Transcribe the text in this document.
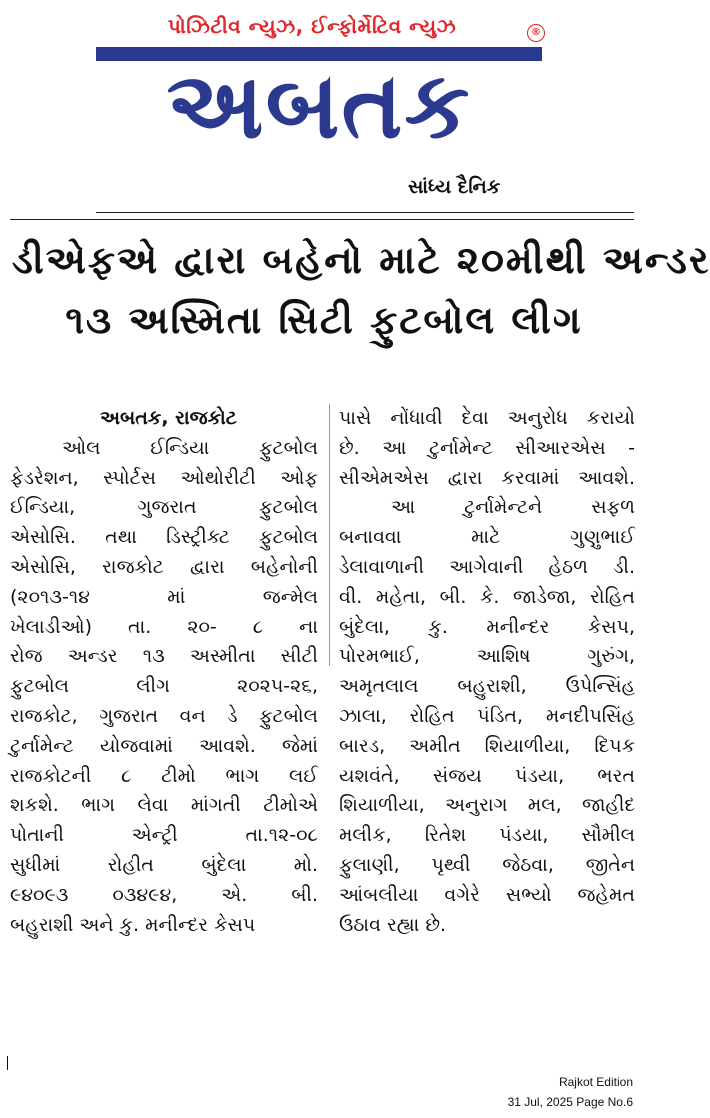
પોઝિટીવ ન્યુઝ, ઈન્ફોર્મેટિવ ન્યુઝ	®
અબતક
સાંધ્ય દૈનિક
ડીએફએ દ્વારા બહેનો માટે ૨૦મીથી અન્ડર
૧૩ અસ્મિતા સિટી ફુટબોલ લીગ
અબતક, રાજકોટ
ઓલ ઈન્ડિયા ફુટબોલ
ફેડરેશન, સ્પોર્ટસ ઓથોરીટી ઓફ
ઈન્ડિયા, ગુજરાત ફુટબોલ
એસોસિ. તથા ડિસ્ટ્રીક્ટ ફુટબોલ
એસોસિ, રાજકોટ દ્વારા બહેનોની
(૨૦૧૩-૧૪ માં જન્મેલ
ખેલાડીઓ) તા. ૨૦- ૮ ના
રોજ અન્ડર ૧૩ અસ્મીતા સીટી
ફુટબોલ લીગ ૨૦૨૫-૨૬,
રાજકોટ, ગુજરાત વન ડે ફુટબોલ
ટુર્નામેન્ટ યોજવામાં આવશે. જેમાં
રાજકોટની ૮ ટીમો ભાગ લઈ
શકશે. ભાગ લેવા માંગતી ટીમોએ
પોતાની એન્ટ્રી તા.૧૨-૦૮
સુધીમાં રોહીત બુંદેલા મો.
૯૪૦૯૩ ૦૩૪૯૪, એ. બી.
બહુરાશી અને કુ. મનીન્દર કેસપ
પાસે નોંધાવી દેવા અનુરોધ કરાયો
છે. આ ટુર્નામેન્ટ સીઆરએસ -
સીએમએસ દ્વારા કરવામાં આવશે.
આ ટુર્નામેન્ટને સફળ
બનાવવા માટે ગુણુભાઈ
ડેલાવાળાની આગેવાની હેઠળ ડી.
વી. મહેતા, બી. કે. જાડેજા, રોહિત
બુંદેલા, કુ. મનીન્દર કેસપ,
પોરમભાઈ, આશિષ ગુરુંગ,
અમૃતલાલ બહુરાશી, ઉપેન્સિંહ
ઝાલા, રોહિત પંડિત, મનદીપસિંહ
બારડ, અમીત શિયાળીયા, દિપક
યશવંતે, સંજય પંડયા, ભરત
શિયાળીયા, અનુરાગ મલ, જાહીદ
મલીક, રિતેશ પંડયા, સૌમીલ
ફુલાણી, પૃથ્વી જેઠવા, જીતેન
આંબલીયા વગેરે સભ્યો જહેમત
ઉઠાવ રહ્યા છે.
Rajkot Edition
31 Jul, 2025 Page No.6
